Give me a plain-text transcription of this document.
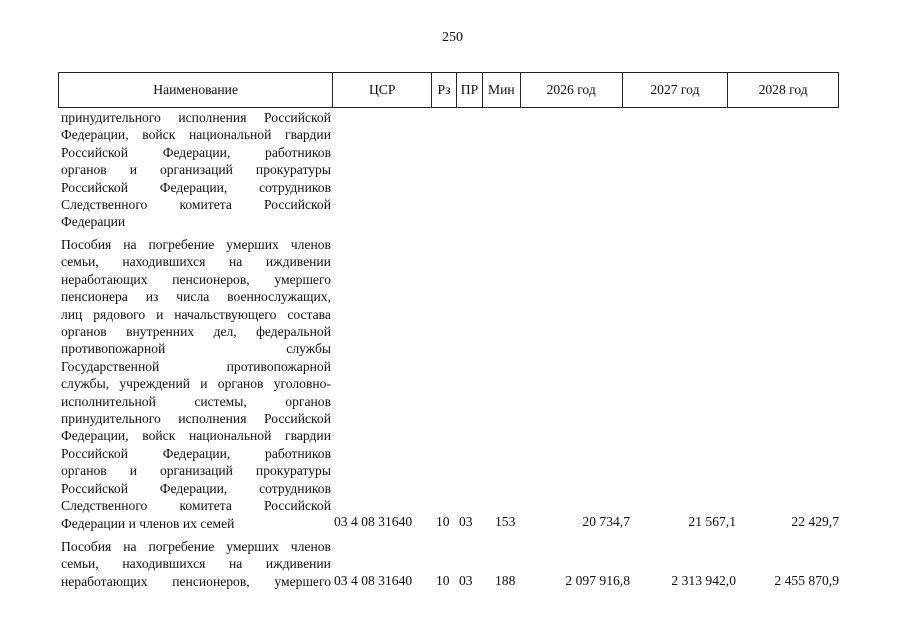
250
Наименование	ЦСР	Рз ПР Мин	2026 год	2027 год	2028 год
принудительного исполнения Российской
Федерации, войск национальной гвардии
Российской	Федерации,	работников
органов и организаций прокуратуры
Российской Федерации, сотрудников
Следственного комитета Российской
Федерации
Пособия на погребение умерших членов
семьи, находившихся на иждивении
неработающих пенсионеров, умершего
пенсионера из числа военнослужащих,
лиц рядового и начальствующего состава
органов внутренних дел, федеральной
противопожарной	службы
Государственной	противопожарной
службы, учреждений и органов уголовно-
исполнительной	системы,	органов
принудительного исполнения Российской
Федерации, войск национальной гвардии
Российской	Федерации,	работников
органов и организаций прокуратуры
Российской Федерации, сотрудников
Следственного комитета Российской
Федерации и членов их семей	03 4 08 31640	10 03	153	20 734,7	21 567,1	22 429,7
Пособия на погребение умерших членов
семьи, находившихся на иждивении
неработающих пенсионеров, умершего 03 4 08 31640	10 03	188	2 097 916,8	2 313 942,0	2 455 870,9
